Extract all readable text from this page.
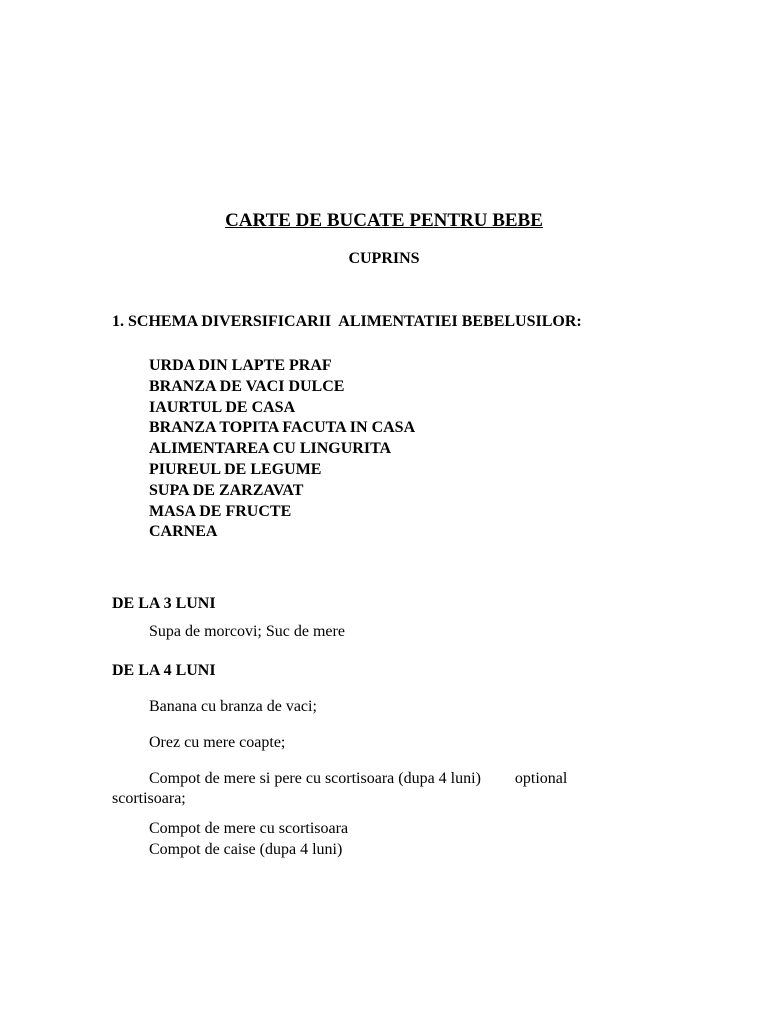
CARTE DE BUCATE PENTRU BEBE
CUPRINS
1. SCHEMA DIVERSIFICARII  ALIMENTATIEI BEBELUSILOR:
URDA DIN LAPTE PRAF
BRANZA DE VACI DULCE
IAURTUL DE CASA
BRANZA TOPITA FACUTA IN CASA
ALIMENTAREA CU LINGURITA
PIUREUL DE LEGUME
SUPA DE ZARZAVAT
MASA DE FRUCTE
CARNEA
DE LA 3 LUNI
Supa de morcovi; Suc de mere
DE LA 4 LUNI
Banana cu branza de vaci;
Orez cu mere coapte;
Compot de mere si pere cu scortisoara (dupa 4 luni) optional
scortisoara;
Compot de mere cu scortisoara
Compot de caise (dupa 4 luni)
